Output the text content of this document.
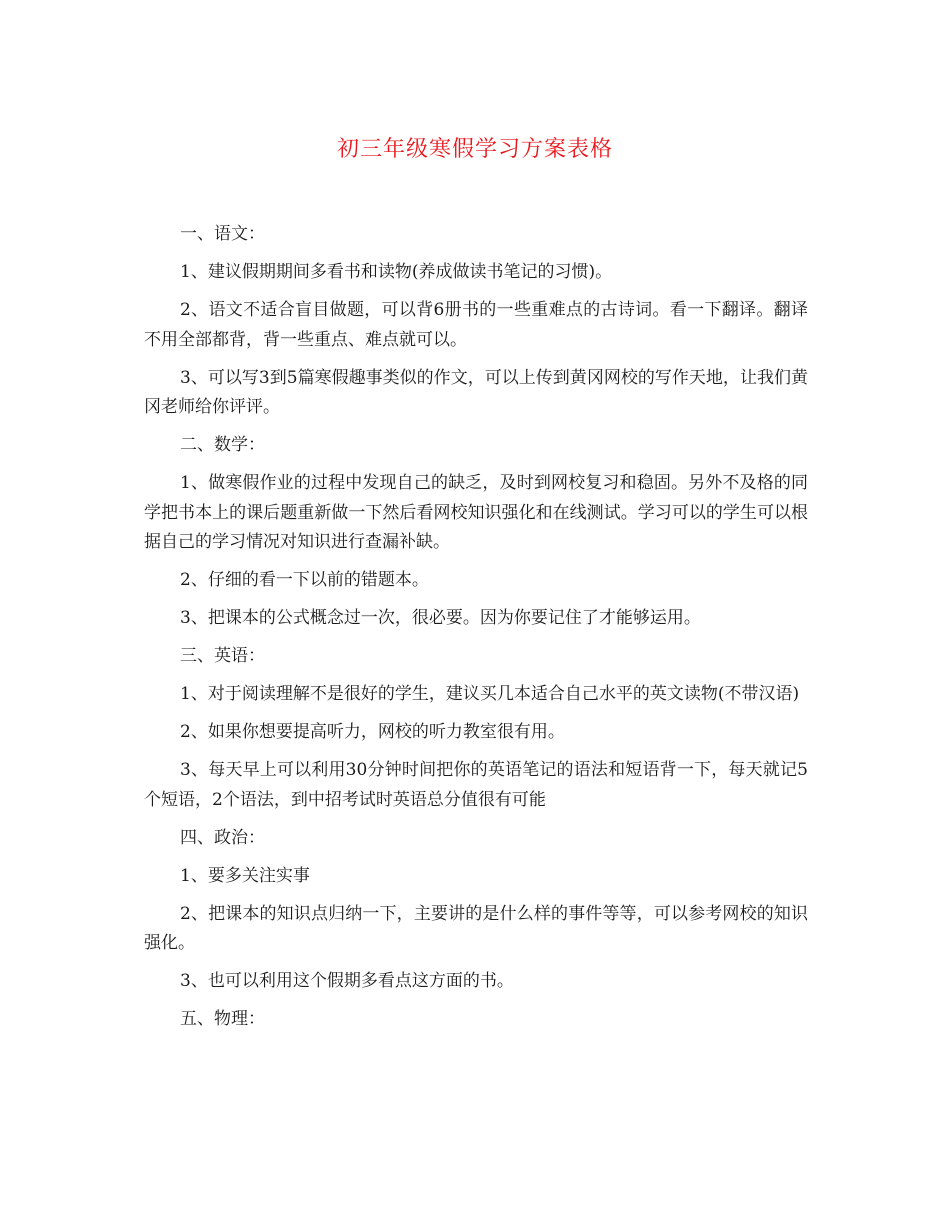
初三年级寒假学习方案表格

一、语文：

1、建议假期期间多看书和读物(养成做读书笔记的习惯)。

2、语文不适合盲目做题，可以背6册书的一些重难点的古诗词。看一下翻译。翻译不用全部都背，背一些重点、难点就可以。

3、可以写3到5篇寒假趣事类似的作文，可以上传到黄冈网校的写作天地，让我们黄冈老师给你评评。

二、数学：

1、做寒假作业的过程中发现自己的缺乏，及时到网校复习和稳固。另外不及格的同学把书本上的课后题重新做一下然后看网校知识强化和在线测试。学习可以的学生可以根据自己的学习情况对知识进行查漏补缺。

2、仔细的看一下以前的错题本。

3、把课本的公式概念过一次，很必要。因为你要记住了才能够运用。

三、英语：

1、对于阅读理解不是很好的学生，建议买几本适合自己水平的英文读物(不带汉语)

2、如果你想要提高听力，网校的听力教室很有用。

3、每天早上可以利用30分钟时间把你的英语笔记的语法和短语背一下，每天就记5个短语，2个语法，到中招考试时英语总分值很有可能

四、政治：

1、要多关注实事

2、把课本的知识点归纳一下，主要讲的是什么样的事件等等，可以参考网校的知识强化。

3、也可以利用这个假期多看点这方面的书。

五、物理：
